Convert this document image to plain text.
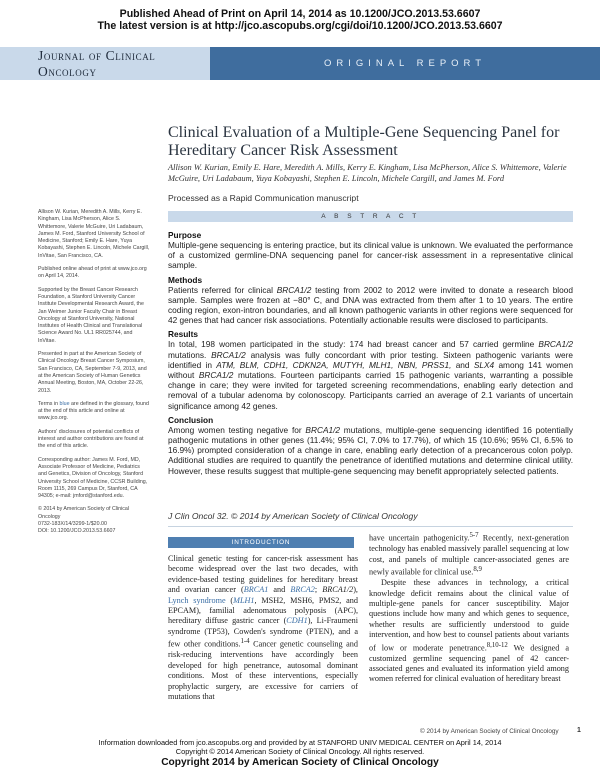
Published Ahead of Print on April 14, 2014 as 10.1200/JCO.2013.53.6607
The latest version is at http://jco.ascopubs.org/cgi/doi/10.1200/JCO.2013.53.6607
Journal of Clinical Oncology	ORIGINAL REPORT
Clinical Evaluation of a Multiple-Gene Sequencing Panel for Hereditary Cancer Risk Assessment
Allison W. Kurian, Emily E. Hare, Meredith A. Mills, Kerry E. Kingham, Lisa McPherson, Alice S. Whittemore, Valerie McGuire, Uri Ladabaum, Yuya Kobayashi, Stephen E. Lincoln, Michele Cargill, and James M. Ford
Processed as a Rapid Communication manuscript
A B S T R A C T
Purpose

Multiple-gene sequencing is entering practice, but its clinical value is unknown. We evaluated the performance of a customized germline-DNA sequencing panel for cancer-risk assessment in a representative clinical sample.

Methods

Patients referred for clinical BRCA1/2 testing from 2002 to 2012 were invited to donate a research blood sample. Samples were frozen at −80° C, and DNA was extracted from them after 1 to 10 years. The entire coding region, exon-intron boundaries, and all known pathogenic variants in other regions were sequenced for 42 genes that had cancer risk associations. Potentially actionable results were disclosed to participants.

Results

In total, 198 women participated in the study: 174 had breast cancer and 57 carried germline BRCA1/2 mutations. BRCA1/2 analysis was fully concordant with prior testing. Sixteen pathogenic variants were identified in ATM, BLM, CDH1, CDKN2A, MUTYH, MLH1, NBN, PRSS1, and SLX4 among 141 women without BRCA1/2 mutations. Fourteen participants carried 15 pathogenic variants, warranting a possible change in care; they were invited for targeted screening recommendations, enabling early detection and removal of a tubular adenoma by colonoscopy. Participants carried an average of 2.1 variants of uncertain significance among 42 genes.

Conclusion

Among women testing negative for BRCA1/2 mutations, multiple-gene sequencing identified 16 potentially pathogenic mutations in other genes (11.4%; 95% CI, 7.0% to 17.7%), of which 15 (10.6%; 95% CI, 6.5% to 16.9%) prompted consideration of a change in care, enabling early detection of a precancerous colon polyp. Additional studies are required to quantify the penetrance of identified mutations and determine clinical utility. However, these results suggest that multiple-gene sequencing may benefit appropriately selected patients.

J Clin Oncol 32. © 2014 by American Society of Clinical Oncology

Allison W. Kurian, Meredith A. Mills, Kerry E. Kingham, Lisa McPherson, Alice S. Whittemore, Valerie McGuire, Uri Ladabaum, James M. Ford, Stanford University School of Medicine, Stanford; Emily E. Hare, Yuya Kobayashi, Stephen E. Lincoln, Michele Cargill, InVitae, San Francisco, CA.

Published online ahead of print at www.jco.org on April 14, 2014.

Supported by the Breast Cancer Research Foundation, a Stanford University Cancer Institute Developmental Research Award, the Jan Weimer Junior Faculty Chair in Breast Oncology at Stanford University, National Institutes of Health Clinical and Translational Science Award No. UL1 RR025744, and InVitae.

Presented in part at the American Society of Clinical Oncology Breast Cancer Symposium, San Francisco, CA, September 7-9, 2013, and at the American Society of Human Genetics Annual Meeting, Boston, MA, October 22-26, 2013.

Terms in blue are defined in the glossary, found at the end of this article and online at www.jco.org.

Authors' disclosures of potential conflicts of interest and author contributions are found at the end of this article.

Corresponding author: James M. Ford, MD, Associate Professor of Medicine, Pediatrics and Genetics, Division of Oncology, Stanford University School of Medicine, CCSR Building, Room 1115, 269 Campus Dr, Stanford, CA 94305; e-mail: jmford@stanford.edu.

© 2014 by American Society of Clinical Oncology
0732-183X/14/3299-1/$20.00
DOI: 10.1200/JCO.2013.53.6607

INTRODUCTION

Clinical genetic testing for cancer-risk assessment has become widespread over the last two decades, with evidence-based testing guidelines for hereditary breast and ovarian cancer (BRCA1 and BRCA2; BRCA1/2), Lynch syndrome (MLH1, MSH2, MSH6, PMS2, and EPCAM), familial adenomatous polyposis (APC), hereditary diffuse gastric cancer (CDH1), Li-Fraumeni syndrome (TP53), Cowden's syndrome (PTEN), and a few other conditions.$^{1-4}$ Cancer genetic counseling and risk-reducing interventions have accordingly been developed for high penetrance, autosomal dominant conditions. Most of these interventions, especially prophylactic surgery, are excessive for carriers of mutations that

have uncertain pathogenicity.$^{5-7}$ Recently, next-generation technology has enabled massively parallel sequencing at low cost, and panels of multiple cancer-associated genes are newly available for clinical use.$^{8,9}$

Despite these advances in technology, a critical knowledge deficit remains about the clinical value of multiple-gene panels for cancer susceptibility. Major questions include how many and which genes to sequence, whether results are sufficiently understood to guide intervention, and how best to counsel patients about variants of low or moderate penetrance.$^{8,10-12}$ We designed a customized germline sequencing panel of 42 cancer-associated genes and evaluated its information yield among women referred for clinical evaluation of hereditary breast

© 2014 by American Society of Clinical Oncology	1
Information downloaded from jco.ascopubs.org and provided by at STANFORD UNIV MEDICAL CENTER on April 14, 2014
Copyright © 2014 American Society of Clinical Oncology. All rights reserved.
Copyright 2014 by American Society of Clinical Oncology
